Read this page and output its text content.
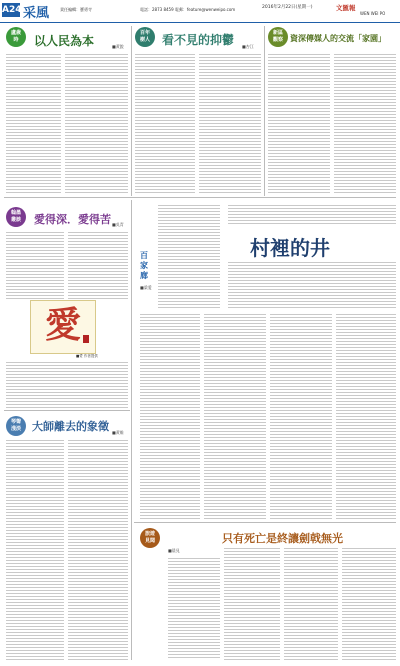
A24 采風	責任編輯：寶勇寺	電話：2873 8459 電郵：feature@wenweipo.com	2016年2月22日(星期一)	文匯報
WEN WEI PO
盧歲
時	以人民為本	■黃銳
百年
樹人	看不見的抑鬱 ■杏江
新區
觀察 資深傳媒人的交流「家園」
翰墨
叢談	愛得深．愛得苦 ■吳青
愛
■愛 作者提供
琴聲
淺淡	大師離去的象徵 ■黃維
百家廊
■梁愛
村裡的井
旅遊
見聞	只有死亡是終讓劍戟無光
■晨見
